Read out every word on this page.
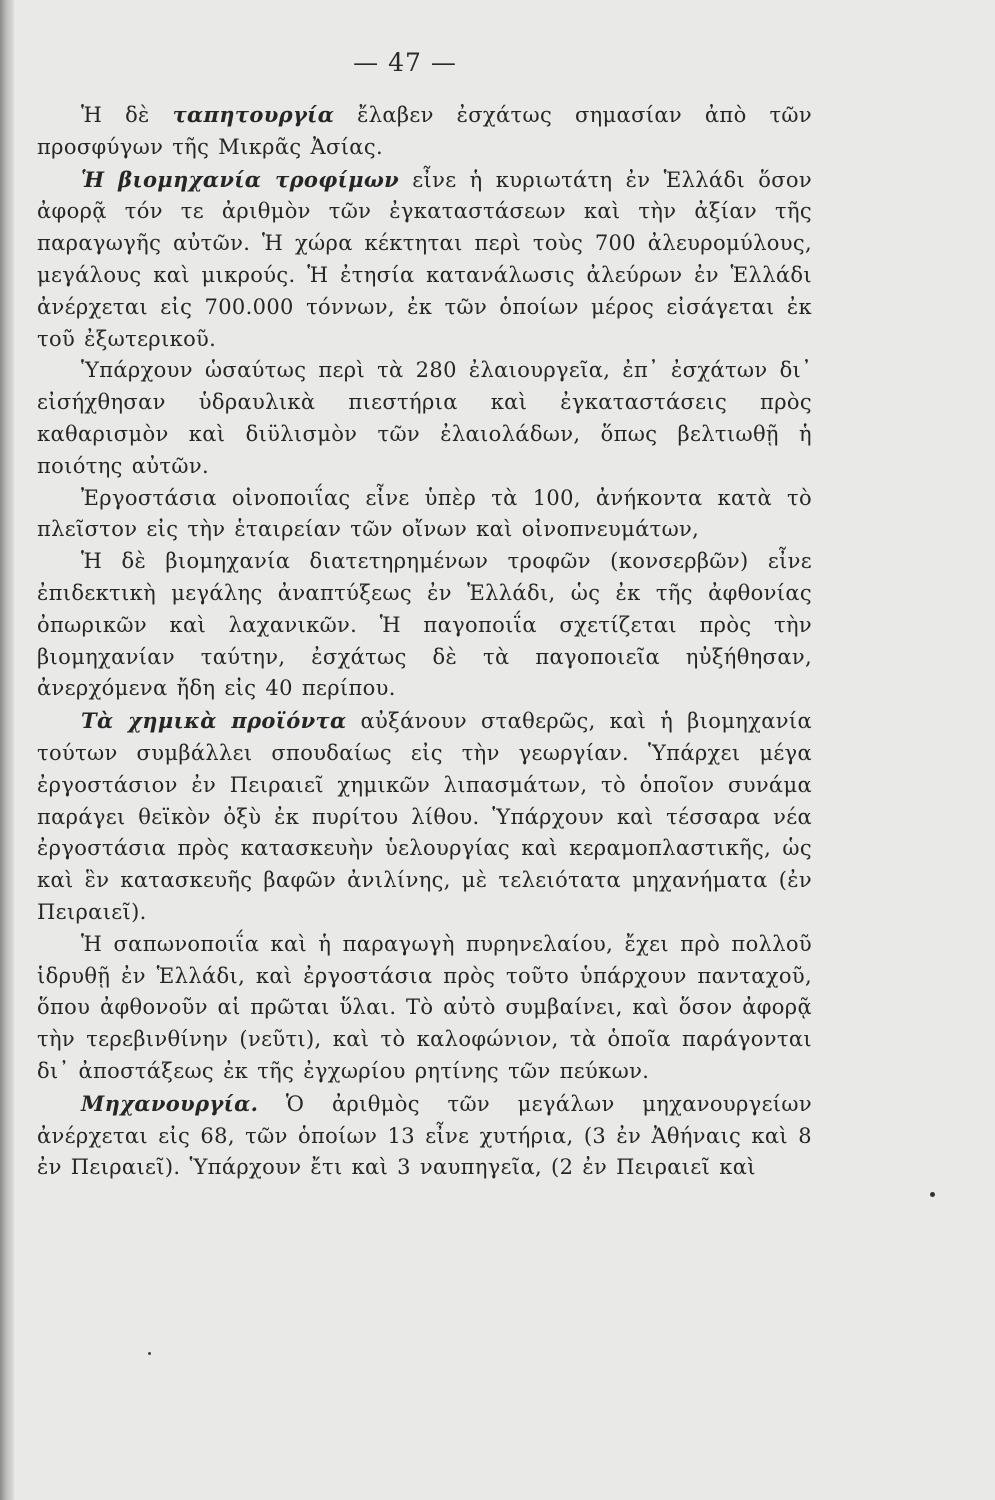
— 47 —

Ἡ δὲ ταπητουργία ἔλαβεν ἐσχάτως σημασίαν ἀπὸ τῶν προσφύγων τῆς Μικρᾶς Ἀσίας.

Ἡ βιομηχανία τροφίμων εἶνε ἡ κυριωτάτη ἐν Ἑλλάδι ὅσον ἀφορᾷ τόν τε ἀριθμὸν τῶν ἐγκαταστάσεων καὶ τὴν ἀξίαν τῆς παραγωγῆς αὐτῶν. Ἡ χώρα κέκτηται περὶ τοὺς 700 ἀλευρομύλους, μεγάλους καὶ μικρούς. Ἡ ἐτησία κατανάλωσις ἀλεύρων ἐν Ἑλλάδι ἀνέρχεται εἰς 700.000 τόννων, ἐκ τῶν ὁποίων μέρος εἰσάγεται ἐκ τοῦ ἐξωτερικοῦ.

Ὑπάρχουν ὡσαύτως περὶ τὰ 280 ἐλαιουργεῖα, ἐπ᾿ ἐσχάτων δι᾿ εἰσήχθησαν ὑδραυλικὰ πιεστήρια καὶ ἐγκαταστάσεις πρὸς καθαρισμὸν καὶ διϋλισμὸν τῶν ἐλαιολάδων, ὅπως βελτιωθῇ ἡ ποιότης αὐτῶν.

Ἐργοστάσια οἰνοποιΐας εἶνε ὑπὲρ τὰ 100, ἀνήκοντα κατὰ τὸ πλεῖστον εἰς τὴν ἑταιρείαν τῶν οἴνων καὶ οἰνοπνευμάτων,

Ἡ δὲ βιομηχανία διατετηρημένων τροφῶν (κονσερβῶν) εἶνε ἐπιδεκτικὴ μεγάλης ἀναπτύξεως ἐν Ἑλλάδι, ὡς ἐκ τῆς ἀφθονίας ὀπωρικῶν καὶ λαχανικῶν. Ἡ παγοποιΐα σχετίζεται πρὸς τὴν βιομηχανίαν ταύτην, ἐσχάτως δὲ τὰ παγοποιεῖα ηὐξήθησαν, ἀνερχόμενα ἤδη εἰς 40 περίπου.

Τὰ χημικὰ προϊόντα αὐξάνουν σταθερῶς, καὶ ἡ βιομηχανία τούτων συμβάλλει σπουδαίως εἰς τὴν γεωργίαν. Ὑπάρχει μέγα ἐργοστάσιον ἐν Πειραιεῖ χημικῶν λιπασμάτων, τὸ ὁποῖον συνάμα παράγει θεϊκὸν ὀξὺ ἐκ πυρίτου λίθου. Ὑπάρχουν καὶ τέσσαρα νέα ἐργοστάσια πρὸς κατασκευὴν ὑελουργίας καὶ κεραμοπλαστικῆς, ὡς καὶ ἓν κατασκευῆς βαφῶν ἀνιλίνης, μὲ τελειότατα μηχανήματα (ἐν Πειραιεῖ).

Ἡ σαπωνοποιΐα καὶ ἡ παραγωγὴ πυρηνελαίου, ἔχει πρὸ πολλοῦ ἱδρυθῇ ἐν Ἑλλάδι, καὶ ἐργοστάσια πρὸς τοῦτο ὑπάρχουν πανταχοῦ, ὅπου ἀφθονοῦν αἱ πρῶται ὕλαι. Τὸ αὐτὸ συμβαίνει, καὶ ὅσον ἀφορᾷ τὴν τερεβινθίνην (νεῦτι), καὶ τὸ καλοφώνιον, τὰ ὁποῖα παράγονται δι᾿ ἀποστάξεως ἐκ τῆς ἐγχωρίου ρητίνης τῶν πεύκων.

Μηχανουργία. Ὁ ἀριθμὸς τῶν μεγάλων μηχανουργείων ἀνέρχεται εἰς 68, τῶν ὁποίων 13 εἶνε χυτήρια, (3 ἐν Ἀθήναις καὶ 8 ἐν Πειραιεῖ). Ὑπάρχουν ἔτι καὶ 3 ναυπηγεῖα, (2 ἐν Πειραιεῖ καὶ
